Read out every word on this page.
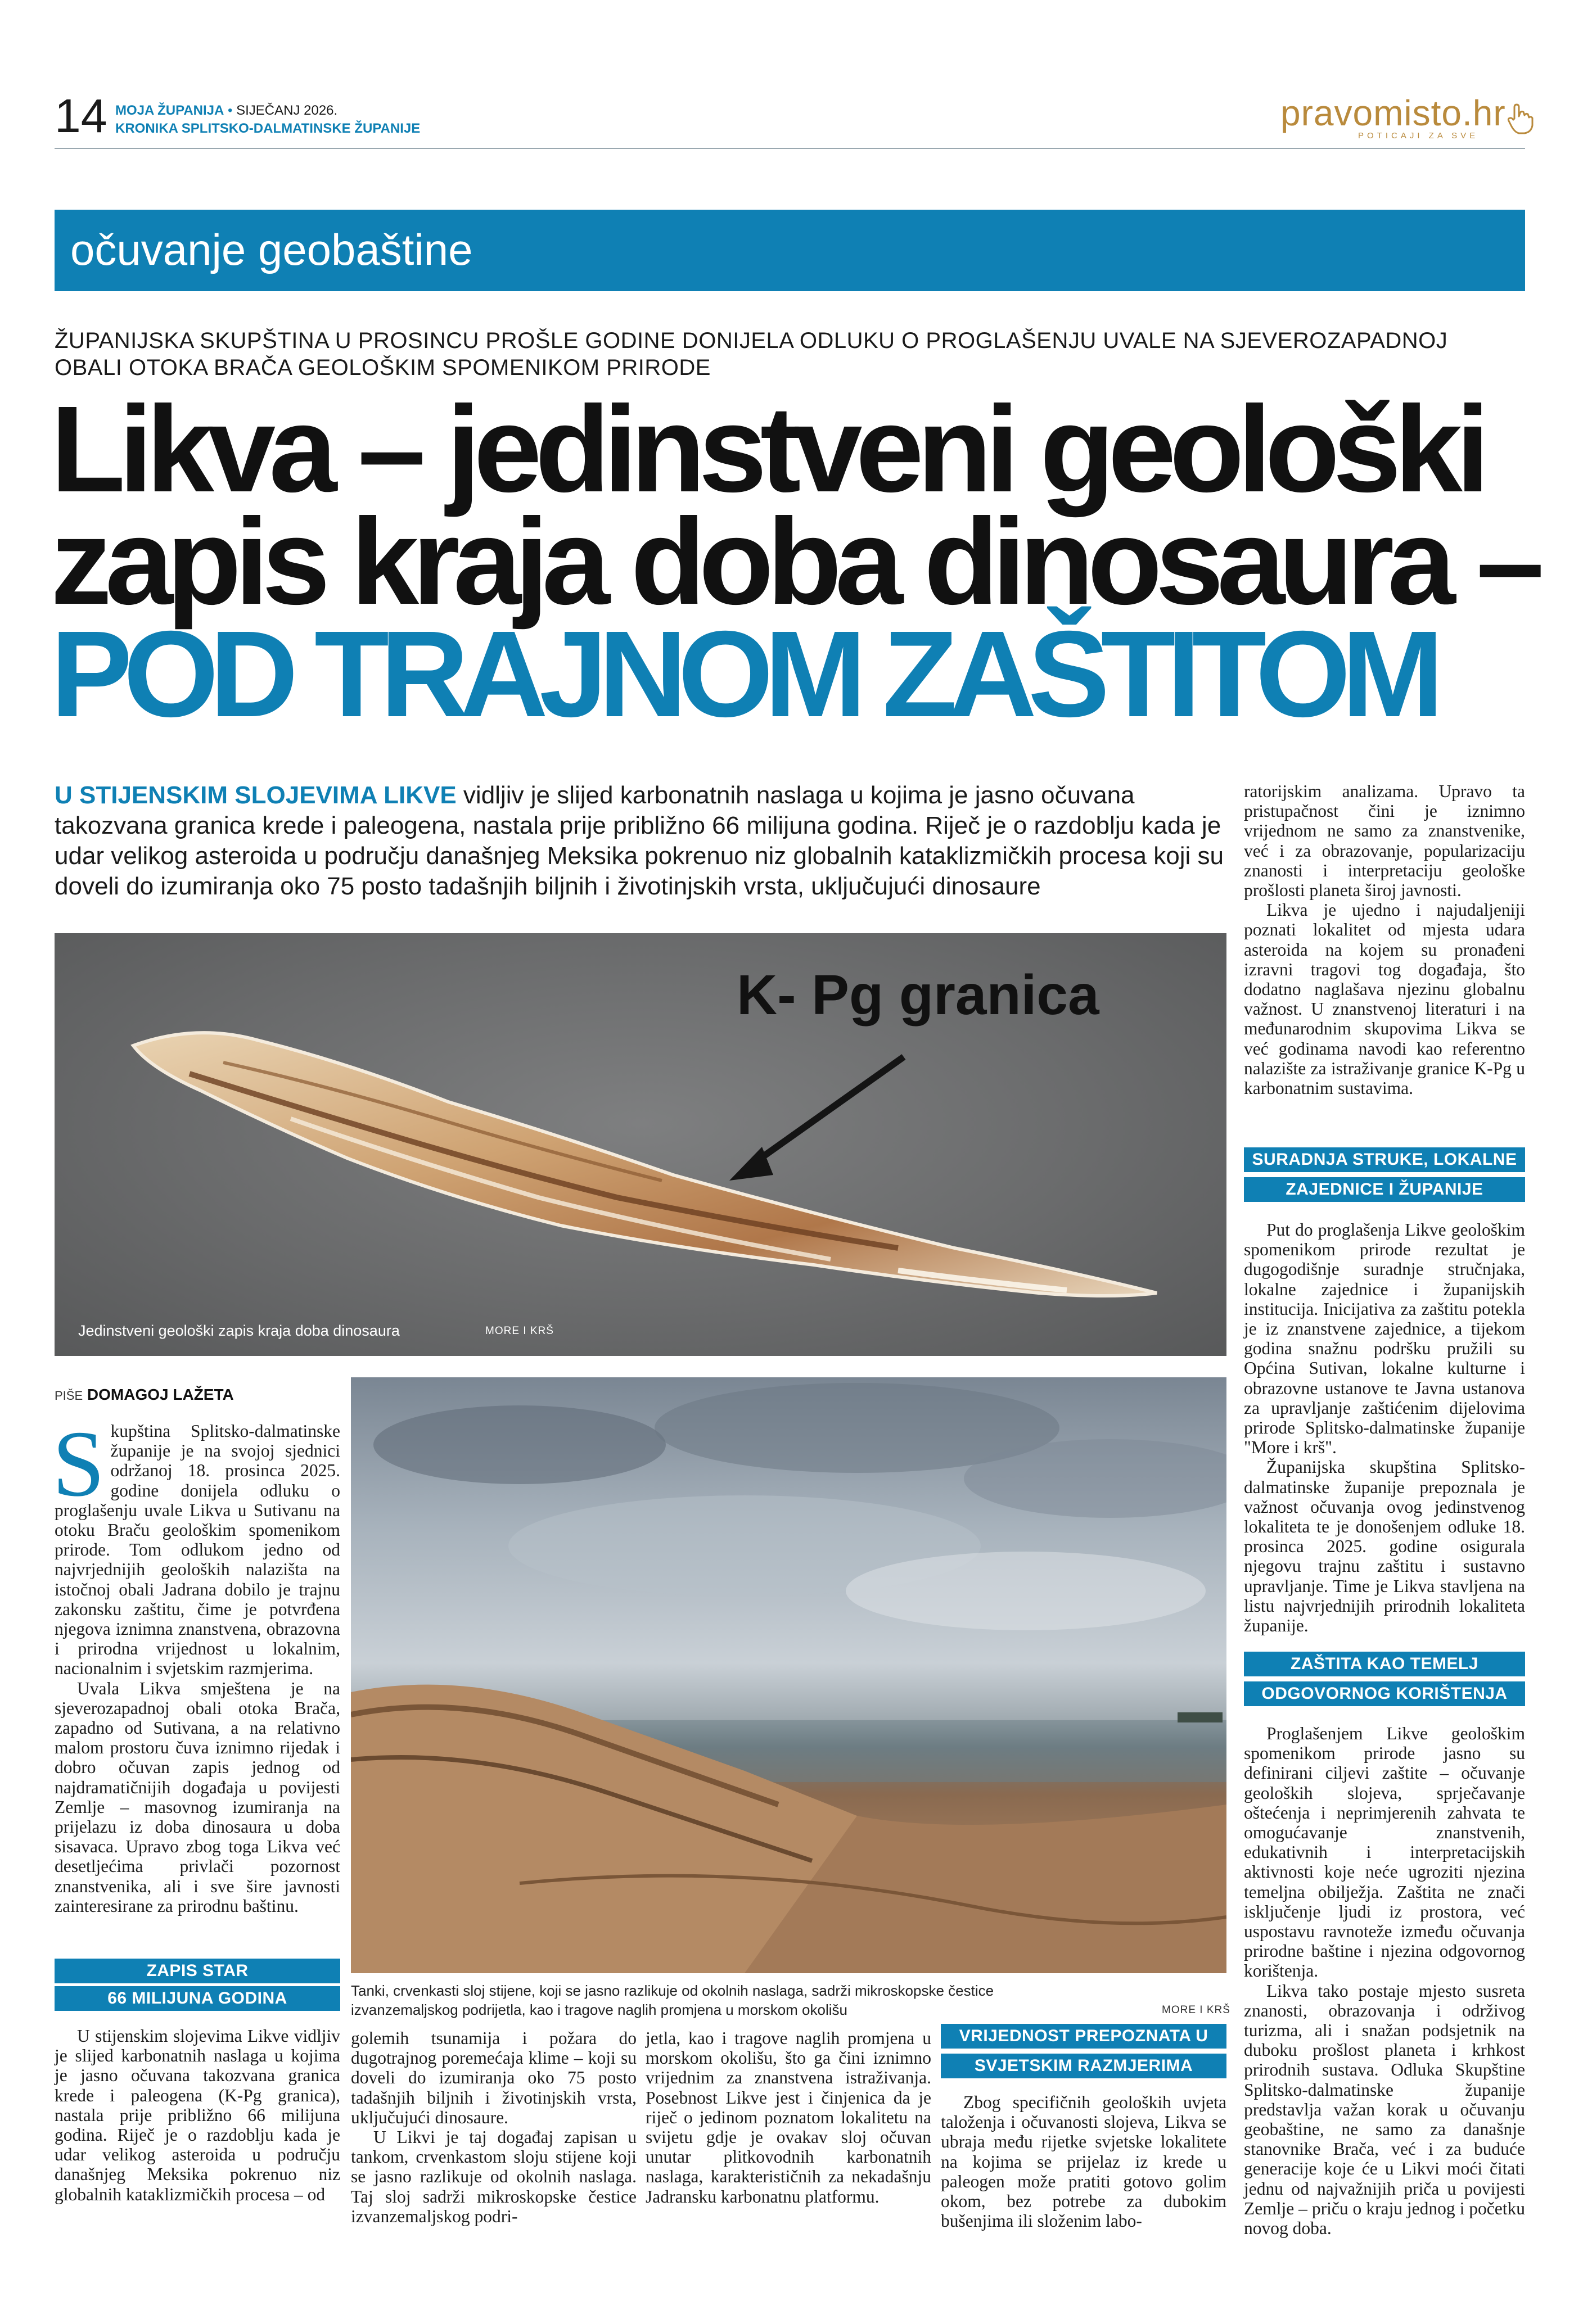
14 MOJA ŽUPANIJA • SIJEČANJ 2026.
KRONIKA SPLITSKO-DALMATINSKE ŽUPANIJE	pravomisto.hr
POTICAJI ZA SVE
očuvanje geobaštine
ŽUPANIJSKA SKUPŠTINA U PROSINCU PROŠLE GODINE DONIJELA ODLUKU O PROGLAŠENJU UVALE NA SJEVEROZAPADNOJ OBALI OTOKA BRAČA GEOLOŠKIM SPOMENIKOM PRIRODE
Likva – jedinstveni geološki
zapis kraja doba dinosaura –
POD TRAJNOM ZAŠTITOM
U STIJENSKIM SLOJEVIMA LIKVE vidljiv je slijed karbonatnih naslaga u kojima je jasno očuvana takozvana granica krede i paleogena, nastala prije približno 66 milijuna godina. Riječ je o razdoblju kada je udar velikog asteroida u području današnjeg Meksika pokrenuo niz globalnih kataklizmičkih procesa koji su doveli do izumiranja oko 75 posto tadašnjih biljnih i životinjskih vrsta, uključujući dinosaure
K- Pg granica
Jedinstveni geološki zapis kraja doba dinosaura	MORE I KRŠ
PIŠE DOMAGOJ LAŽETA
S kupština Splitsko-dalmatinske županije je na svojoj sjednici održanoj 18. prosinca 2025. godine donijela odluku o proglašenju uvale Likva u Sutivanu na otoku Braču geološkim spomenikom prirode. Tom odlukom jedno od najvrjednijih geoloških nalazišta na istočnoj obali Jadrana dobilo je trajnu zakonsku zaštitu, čime je potvrđena njegova iznimna znanstvena, obrazovna i prirodna vrijednost u lokalnim, nacionalnim i svjetskim razmjerima.

Uvala Likva smještena je na sjeverozapadnoj obali otoka Brača, zapadno od Sutivana, a na relativno malom prostoru čuva iznimno rijedak i dobro očuvan zapis jednog od najdramatičnijih događaja u povijesti Zemlje – masovnog izumiranja na prijelazu iz doba dinosaura u doba sisavaca. Upravo zbog toga Likva već desetljećima privlači pozornost znanstvenika, ali i sve šire javnosti zainteresirane za prirodnu baštinu.

ZAPIS STAR
66 MILIJUNA GODINA

U stijenskim slojevima Likve vidljiv je slijed karbonatnih naslaga u kojima je jasno očuvana takozvana granica krede i paleogena (K-Pg granica), nastala prije približno 66 milijuna godina. Riječ je o razdoblju kada je udar velikog asteroida u području današnjeg Meksika pokrenuo niz globalnih kataklizmičkih procesa – od

Tanki, crvenkasti sloj stijene, koji se jasno razlikuje od okolnih naslaga, sadrži mikroskopske čestice
izvanzemaljskog podrijetla, kao i tragove naglih promjena u morskom okolišu	MORE I KRŠ

golemih tsunamija i požara do dugotrajnog poremećaja klime – koji su doveli do izumiranja oko 75 posto tadašnjih biljnih i životinjskih vrsta, uključujući dinosaure.

U Likvi je taj događaj zapisan u tankom, crvenkastom sloju stijene koji se jasno razlikuje od okolnih naslaga. Taj sloj sadrži mikroskopske čestice izvanzemaljskog podri-

jetla, kao i tragove naglih promjena u morskom okolišu, što ga čini iznimno vrijednim za znanstvena istraživanja. Posebnost Likve jest i činjenica da je riječ o jedinom poznatom lokalitetu na svijetu gdje je ovakav sloj očuvan unutar plitkovodnih karbonatnih naslaga, karakterističnih za nekadašnju Jadransku karbonatnu platformu.

VRIJEDNOST PREPOZNATA U
SVJETSKIM RAZMJERIMA

Zbog specifičnih geoloških uvjeta taloženja i očuvanosti slojeva, Likva se ubraja među rijetke svjetske lokalitete na kojima se prijelaz iz krede u paleogen može pratiti gotovo golim okom, bez potrebe za dubokim bušenjima ili složenim labo-

ratorijskim analizama. Upravo ta pristupačnost čini je iznimno vrijednom ne samo za znanstvenike, već i za obrazovanje, popularizaciju znanosti i interpretaciju geološke prošlosti planeta široj javnosti.

Likva je ujedno i najudaljeniji poznati lokalitet od mjesta udara asteroida na kojem su pronađeni izravni tragovi tog događaja, što dodatno naglašava njezinu globalnu važnost. U znanstvenoj literaturi i na međunarodnim skupovima Likva se već godinama navodi kao referentno nalazište za istraživanje granice K-Pg u karbonatnim sustavima.

SURADNJA STRUKE, LOKALNE
ZAJEDNICE I ŽUPANIJE

Put do proglašenja Likve geološkim spomenikom prirode rezultat je dugogodišnje suradnje stručnjaka, lokalne zajednice i županijskih institucija. Inicijativa za zaštitu potekla je iz znanstvene zajednice, a tijekom godina snažnu podršku pružili su Općina Sutivan, lokalne kulturne i obrazovne ustanove te Javna ustanova za upravljanje zaštićenim dijelovima prirode Splitsko-dalmatinske županije "More i krš".

Županijska skupština Splitsko-dalmatinske županije prepoznala je važnost očuvanja ovog jedinstvenog lokaliteta te je donošenjem odluke 18. prosinca 2025. godine osigurala njegovu trajnu zaštitu i sustavno upravljanje. Time je Likva stavljena na listu najvrjednijih prirodnih lokaliteta županije.

ZAŠTITA KAO TEMELJ
ODGOVORNOG KORIŠTENJA

Proglašenjem Likve geološkim spomenikom prirode jasno su definirani ciljevi zaštite – očuvanje geoloških slojeva, sprječavanje oštećenja i neprimjerenih zahvata te omogućavanje znanstvenih, edukativnih i interpretacijskih aktivnosti koje neće ugroziti njezina temeljna obilježja. Zaštita ne znači isključenje ljudi iz prostora, već uspostavu ravnoteže između očuvanja prirodne baštine i njezina odgovornog korištenja.

Likva tako postaje mjesto susreta znanosti, obrazovanja i održivog turizma, ali i snažan podsjetnik na duboku prošlost planeta i krhkost prirodnih sustava. Odluka Skupštine Splitsko-dalmatinske županije predstavlja važan korak u očuvanju geobaštine, ne samo za današnje stanovnike Brača, već i za buduće generacije koje će u Likvi moći čitati jednu od najvažnijih priča u povijesti Zemlje – priču o kraju jednog i početku novog doba.
